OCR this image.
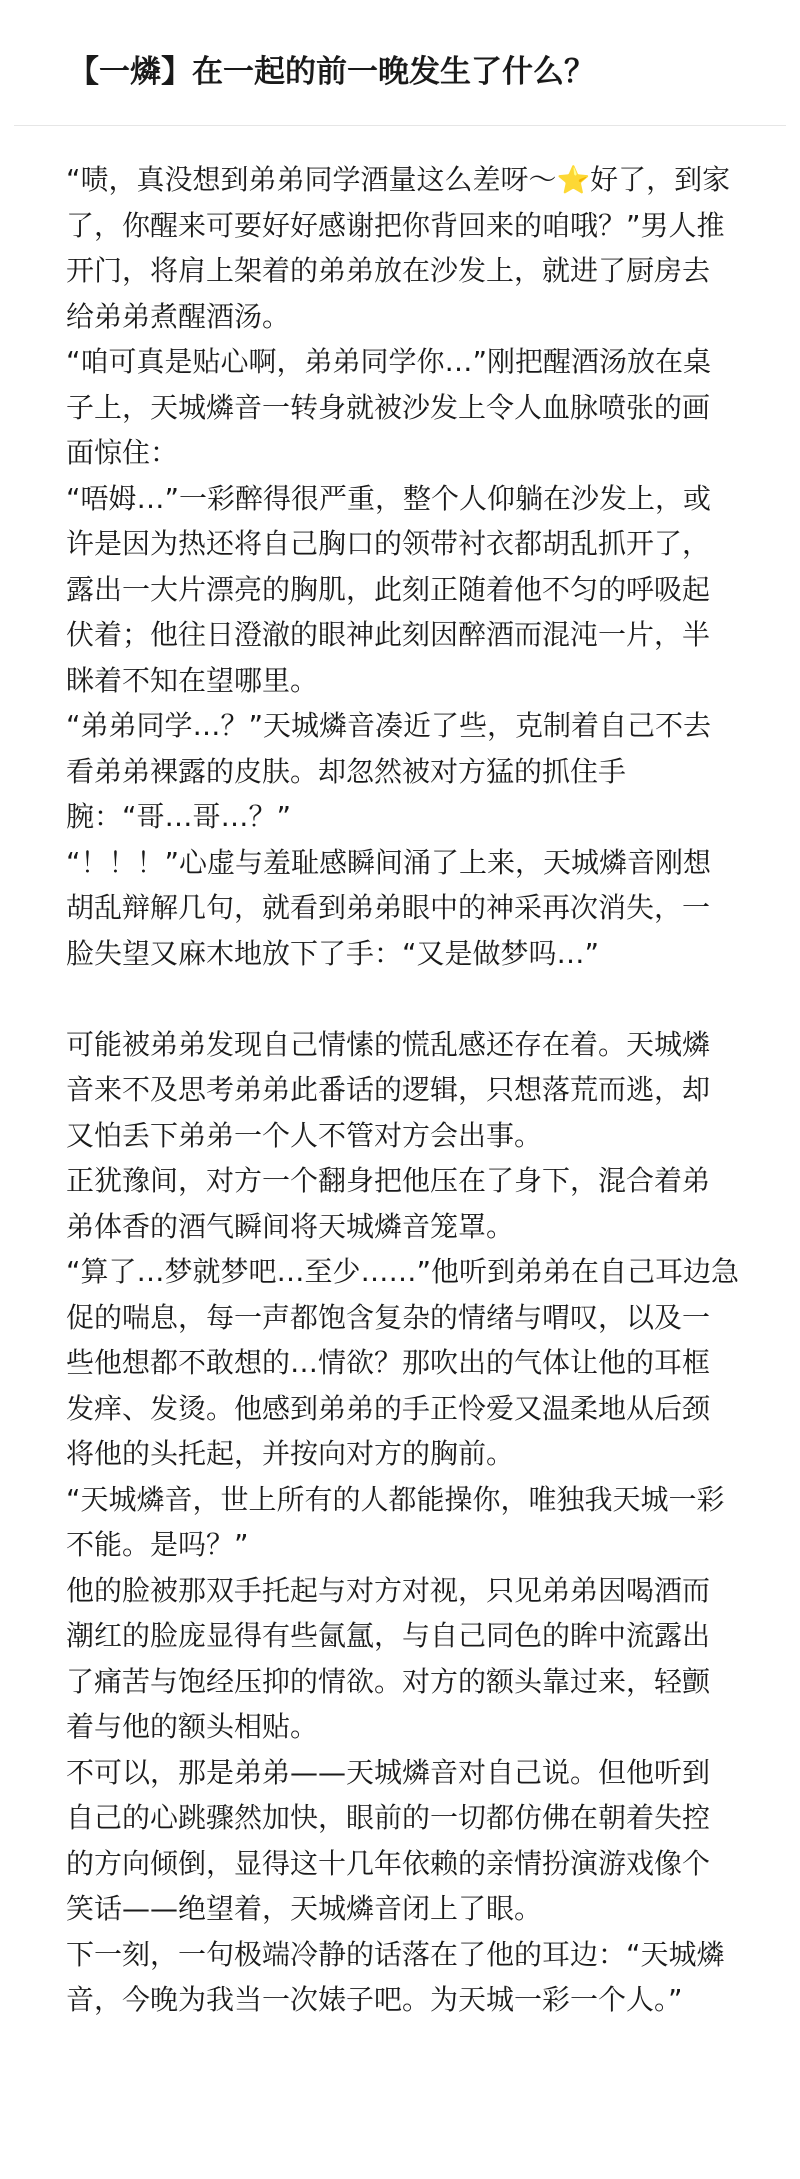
【一燐】在一起的前一晚发生了什么？
“啧，真没想到弟弟同学酒量这么差呀～⭐好了，到家
了，你醒来可要好好感谢把你背回来的咱哦？”男人推
开门，将肩上架着的弟弟放在沙发上，就进了厨房去
给弟弟煮醒酒汤。
“咱可真是贴心啊，弟弟同学你…”刚把醒酒汤放在桌
子上，天城燐音一转身就被沙发上令人血脉喷张的画
面惊住：
“唔姆…”一彩醉得很严重，整个人仰躺在沙发上，或
许是因为热还将自己胸口的领带衬衣都胡乱抓开了，
露出一大片漂亮的胸肌，此刻正随着他不匀的呼吸起
伏着；他往日澄澈的眼神此刻因醉酒而混沌一片，半
眯着不知在望哪里。
“弟弟同学…？”天城燐音凑近了些，克制着自己不去
看弟弟裸露的皮肤。却忽然被对方猛的抓住手
腕：“哥…哥…？”
“！！！”心虚与羞耻感瞬间涌了上来，天城燐音刚想
胡乱辩解几句，就看到弟弟眼中的神采再次消失，一
脸失望又麻木地放下了手：“又是做梦吗…”
可能被弟弟发现自己情愫的慌乱感还存在着。天城燐
音来不及思考弟弟此番话的逻辑，只想落荒而逃，却
又怕丢下弟弟一个人不管对方会出事。
正犹豫间，对方一个翻身把他压在了身下，混合着弟
弟体香的酒气瞬间将天城燐音笼罩。
“算了…梦就梦吧…至少……”他听到弟弟在自己耳边急
促的喘息，每一声都饱含复杂的情绪与喟叹，以及一
些他想都不敢想的…情欲？那吹出的气体让他的耳框
发痒、发烫。他感到弟弟的手正怜爱又温柔地从后颈
将他的头托起，并按向对方的胸前。
“天城燐音，世上所有的人都能操你，唯独我天城一彩
不能。是吗？”
他的脸被那双手托起与对方对视，只见弟弟因喝酒而
潮红的脸庞显得有些氤氲，与自己同色的眸中流露出
了痛苦与饱经压抑的情欲。对方的额头靠过来，轻颤
着与他的额头相贴。
不可以，那是弟弟——天城燐音对自己说。但他听到
自己的心跳骤然加快，眼前的一切都仿佛在朝着失控
的方向倾倒，显得这十几年依赖的亲情扮演游戏像个
笑话——绝望着，天城燐音闭上了眼。
下一刻，一句极端冷静的话落在了他的耳边：“天城燐
音，今晚为我当一次婊子吧。为天城一彩一个人。”
